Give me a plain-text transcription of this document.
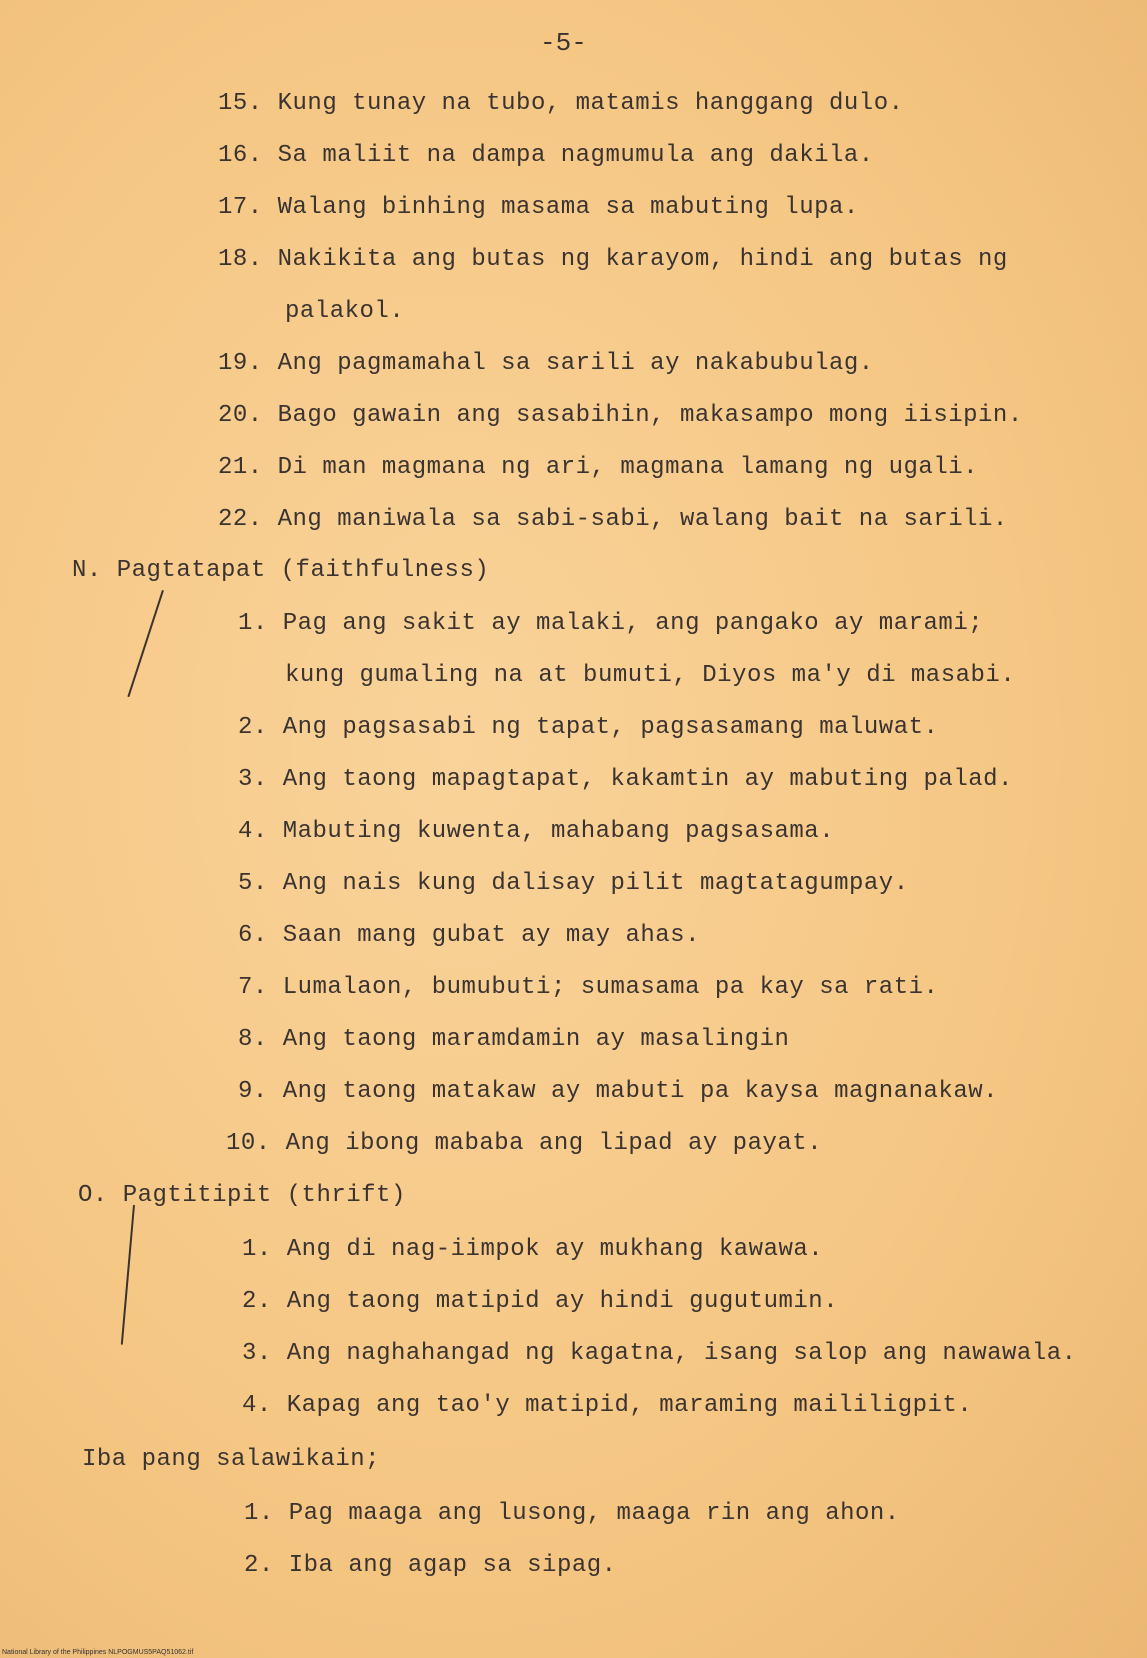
-5-
15. Kung tunay na tubo, matamis hanggang dulo.
16. Sa maliit na dampa nagmumula ang dakila.
17. Walang binhing masama sa mabuting lupa.
18. Nakikita ang butas ng karayom, hindi ang butas ng
palakol.
19. Ang pagmamahal sa sarili ay nakabubulag.
20. Bago gawain ang sasabihin, makasampo mong iisipin.
21. Di man magmana ng ari, magmana lamang ng ugali.
22. Ang maniwala sa sabi-sabi, walang bait na sarili.
N. Pagtatapat (faithfulness)
1. Pag ang sakit ay malaki, ang pangako ay marami;
kung gumaling na at bumuti, Diyos ma'y di masabi.
2. Ang pagsasabi ng tapat, pagsasamang maluwat.
3. Ang taong mapagtapat, kakamtin ay mabuting palad.
4. Mabuting kuwenta, mahabang pagsasama.
5. Ang nais kung dalisay pilit magtatagumpay.
6. Saan mang gubat ay may ahas.
7. Lumalaon, bumubuti; sumasama pa kay sa rati.
8. Ang taong maramdamin ay masalingin
9. Ang taong matakaw ay mabuti pa kaysa magnanakaw.
10. Ang ibong mababa ang lipad ay payat.
O. Pagtitipit (thrift)
1. Ang di nag-iimpok ay mukhang kawawa.
2. Ang taong matipid ay hindi gugutumin.
3. Ang naghahangad ng kagatna, isang salop ang nawawala.
4. Kapag ang tao'y matipid, maraming maililigpit.
Iba pang salawikain;
1. Pag maaga ang lusong, maaga rin ang ahon.
2. Iba ang agap sa sipag.
National Library of the Philippines NLPOGMUS5PAQ51062.tif
